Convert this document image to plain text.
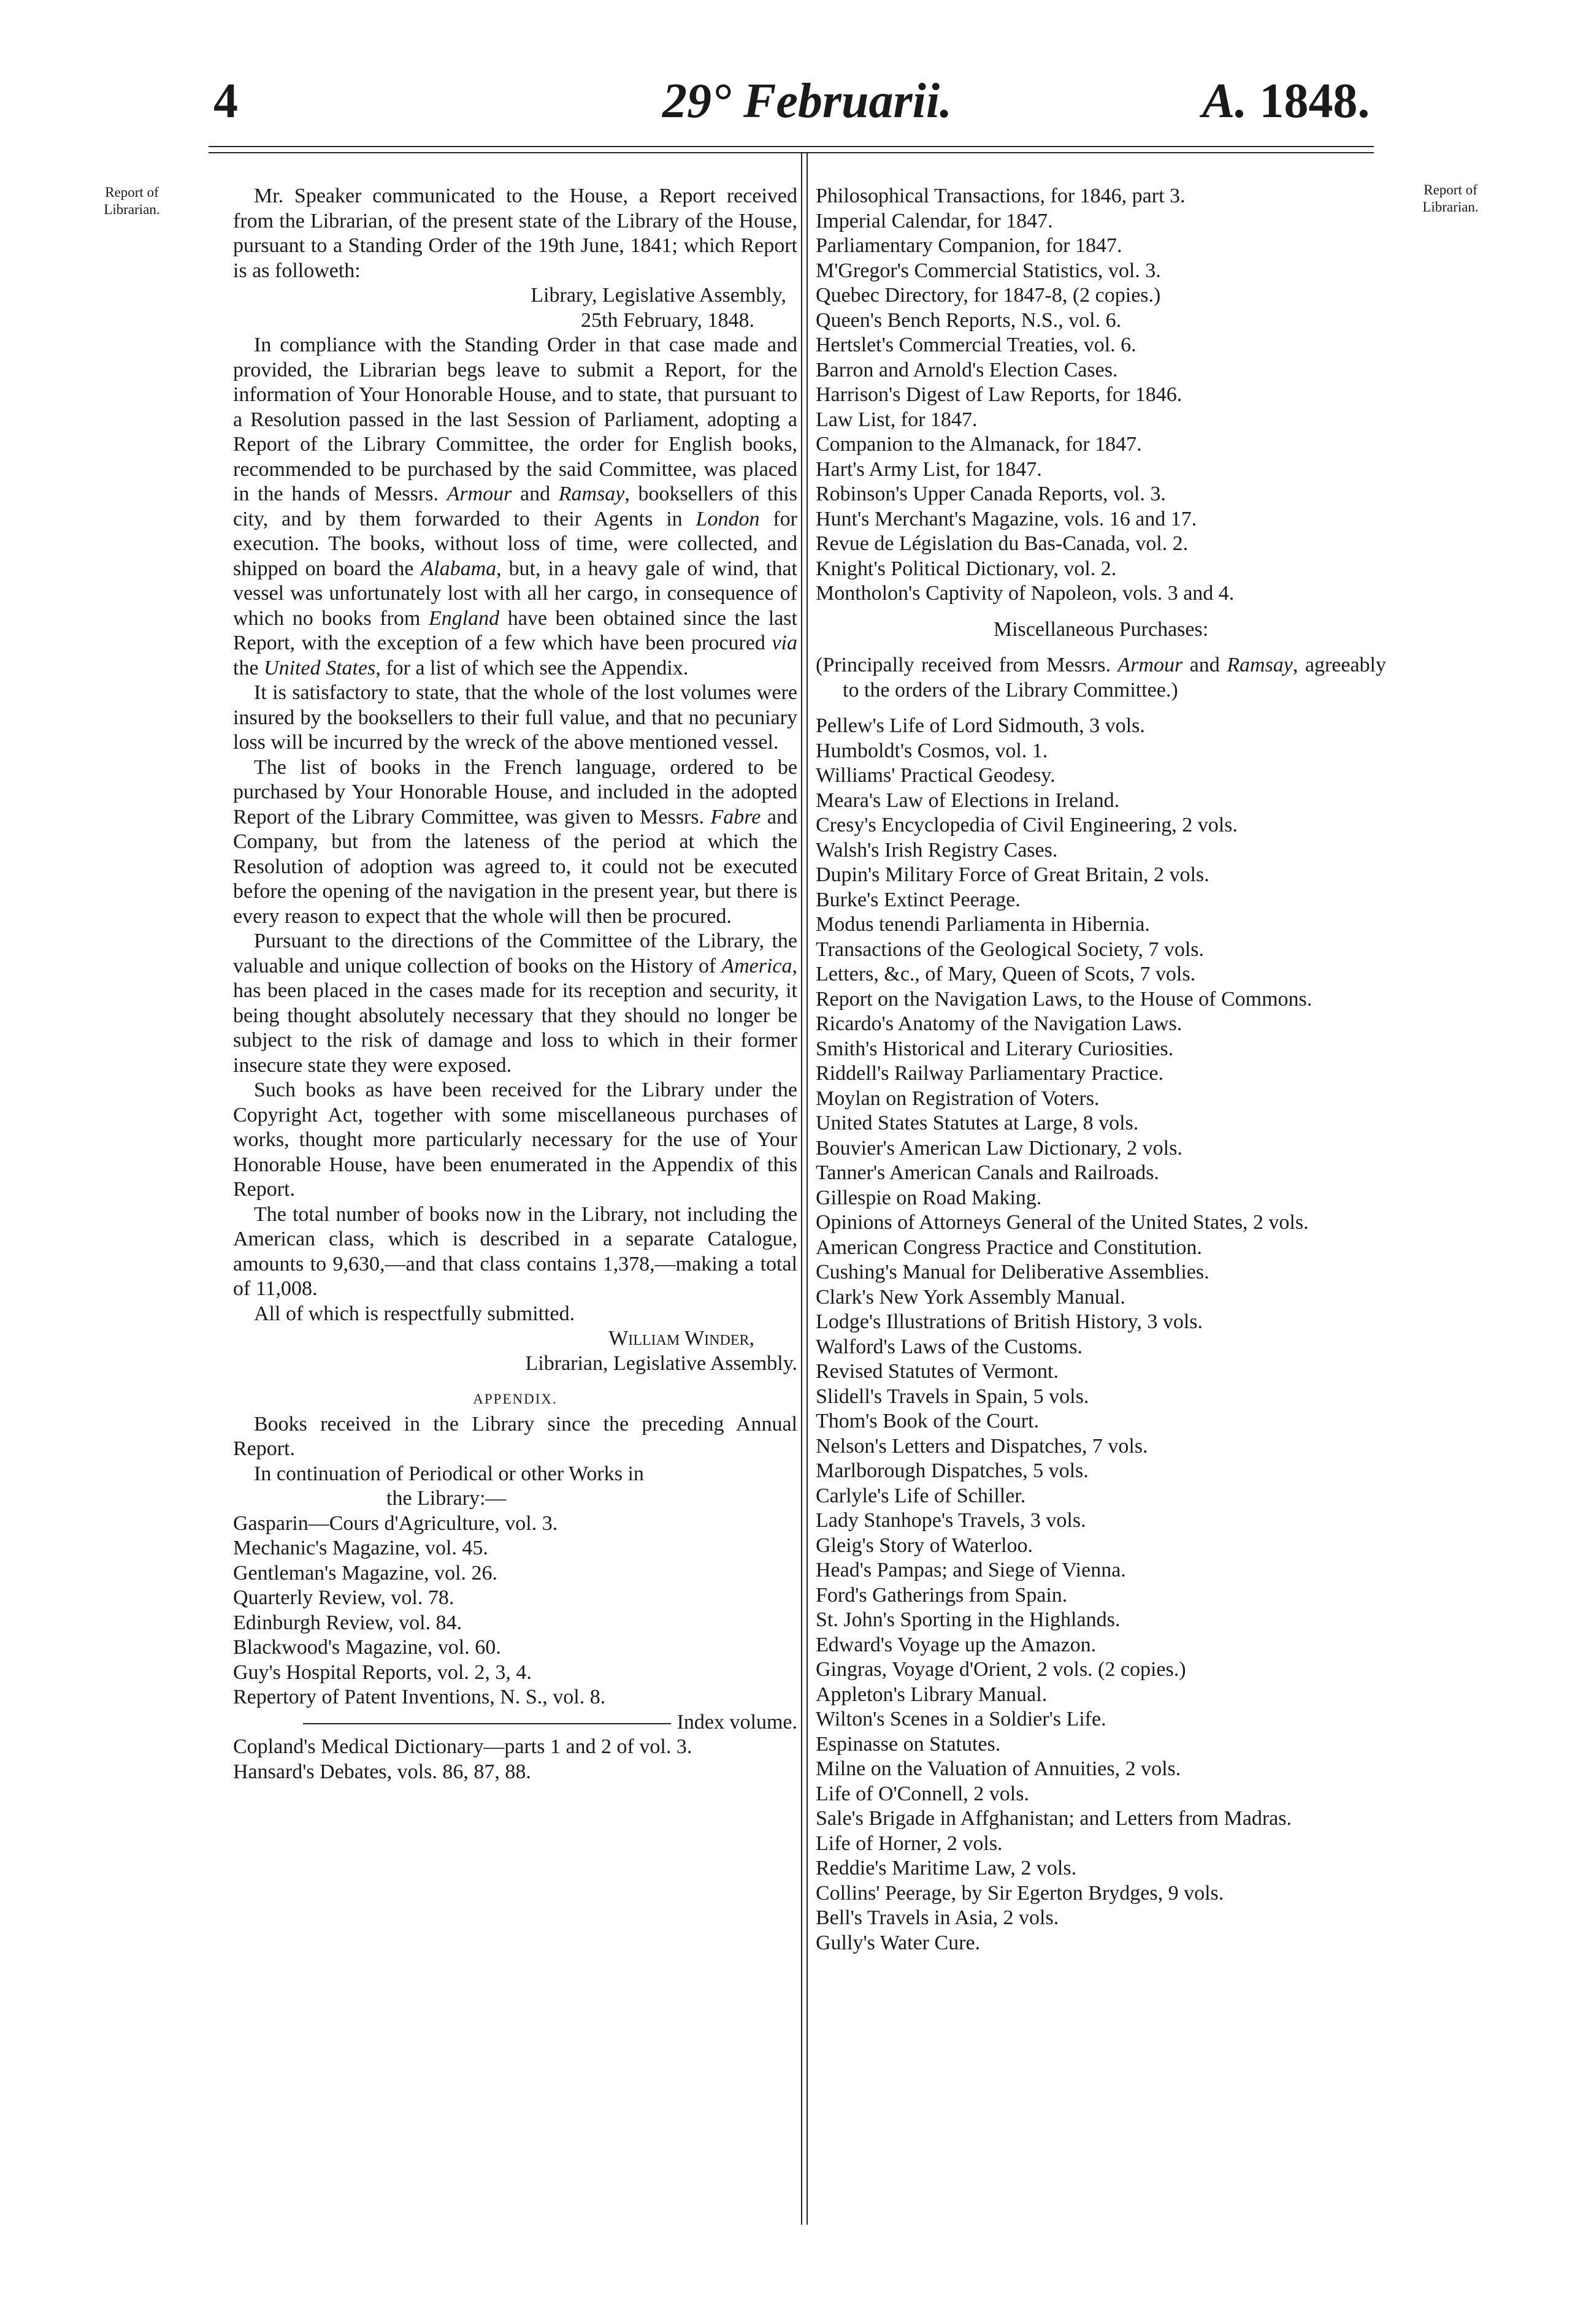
4	29° Februarii.	A. 1848.
Report of Librarian.
Report of Librarian.

Mr. Speaker communicated to the House, a Report received from the Librarian, of the present state of the Library of the House, pursuant to a Standing Order of the 19th June, 1841; which Report is as followeth:

Library, Legislative Assembly,

25th February, 1848.

In compliance with the Standing Order in that case made and provided, the Librarian begs leave to submit a Report, for the information of Your Honorable House, and to state, that pursuant to a Resolution passed in the last Session of Parliament, adopting a Report of the Library Committee, the order for English books, recommended to be purchased by the said Committee, was placed in the hands of Messrs. Armour and Ramsay, booksellers of this city, and by them forwarded to their Agents in London for execution. The books, without loss of time, were collected, and shipped on board the Alabama, but, in a heavy gale of wind, that vessel was unfortunately lost with all her cargo, in consequence of which no books from England have been obtained since the last Report, with the exception of a few which have been procured via the United States, for a list of which see the Appendix.

It is satisfactory to state, that the whole of the lost volumes were insured by the booksellers to their full value, and that no pecuniary loss will be incurred by the wreck of the above mentioned vessel.

The list of books in the French language, ordered to be purchased by Your Honorable House, and included in the adopted Report of the Library Committee, was given to Messrs. Fabre and Company, but from the lateness of the period at which the Resolution of adoption was agreed to, it could not be executed before the opening of the navigation in the present year, but there is every reason to expect that the whole will then be procured.

Pursuant to the directions of the Committee of the Library, the valuable and unique collection of books on the History of America, has been placed in the cases made for its reception and security, it being thought absolutely necessary that they should no longer be subject to the risk of damage and loss to which in their former insecure state they were exposed.

Such books as have been received for the Library under the Copyright Act, together with some miscellaneous purchases of works, thought more particularly necessary for the use of Your Honorable House, have been enumerated in the Appendix of this Report.

The total number of books now in the Library, not including the American class, which is described in a separate Catalogue, amounts to 9,630,—and that class contains 1,378,—making a total of 11,008.

All of which is respectfully submitted.

William Winder,

Librarian, Legislative Assembly.

APPENDIX.

Books received in the Library since the preceding Annual Report.

In continuation of Periodical or other Works in

the Library:—

Gasparin—Cours d'Agriculture, vol. 3.

Mechanic's Magazine, vol. 45.

Gentleman's Magazine, vol. 26.

Quarterly Review, vol. 78.

Edinburgh Review, vol. 84.

Blackwood's Magazine, vol. 60.

Guy's Hospital Reports, vol. 2, 3, 4.

Repertory of Patent Inventions, N. S., vol. 8.

Index volume.

Copland's Medical Dictionary—parts 1 and 2 of vol. 3.

Hansard's Debates, vols. 86, 87, 88.

Philosophical Transactions, for 1846, part 3.

Imperial Calendar, for 1847.

Parliamentary Companion, for 1847.

M'Gregor's Commercial Statistics, vol. 3.

Quebec Directory, for 1847-8, (2 copies.)

Queen's Bench Reports, N.S., vol. 6.

Hertslet's Commercial Treaties, vol. 6.

Barron and Arnold's Election Cases.

Harrison's Digest of Law Reports, for 1846.

Law List, for 1847.

Companion to the Almanack, for 1847.

Hart's Army List, for 1847.

Robinson's Upper Canada Reports, vol. 3.

Hunt's Merchant's Magazine, vols. 16 and 17.

Revue de Législation du Bas-Canada, vol. 2.

Knight's Political Dictionary, vol. 2.

Montholon's Captivity of Napoleon, vols. 3 and 4.

Miscellaneous Purchases:

(Principally received from Messrs. Armour and Ramsay, agreeably to the orders of the Library Committee.)

Pellew's Life of Lord Sidmouth, 3 vols.

Humboldt's Cosmos, vol. 1.

Williams' Practical Geodesy.

Meara's Law of Elections in Ireland.

Cresy's Encyclopedia of Civil Engineering, 2 vols.

Walsh's Irish Registry Cases.

Dupin's Military Force of Great Britain, 2 vols.

Burke's Extinct Peerage.

Modus tenendi Parliamenta in Hibernia.

Transactions of the Geological Society, 7 vols.

Letters, &c., of Mary, Queen of Scots, 7 vols.

Report on the Navigation Laws, to the House of Commons.

Ricardo's Anatomy of the Navigation Laws.

Smith's Historical and Literary Curiosities.

Riddell's Railway Parliamentary Practice.

Moylan on Registration of Voters.

United States Statutes at Large, 8 vols.

Bouvier's American Law Dictionary, 2 vols.

Tanner's American Canals and Railroads.

Gillespie on Road Making.

Opinions of Attorneys General of the United States, 2 vols.

American Congress Practice and Constitution.

Cushing's Manual for Deliberative Assemblies.

Clark's New York Assembly Manual.

Lodge's Illustrations of British History, 3 vols.

Walford's Laws of the Customs.

Revised Statutes of Vermont.

Slidell's Travels in Spain, 5 vols.

Thom's Book of the Court.

Nelson's Letters and Dispatches, 7 vols.

Marlborough Dispatches, 5 vols.

Carlyle's Life of Schiller.

Lady Stanhope's Travels, 3 vols.

Gleig's Story of Waterloo.

Head's Pampas; and Siege of Vienna.

Ford's Gatherings from Spain.

St. John's Sporting in the Highlands.

Edward's Voyage up the Amazon.

Gingras, Voyage d'Orient, 2 vols. (2 copies.)

Appleton's Library Manual.

Wilton's Scenes in a Soldier's Life.

Espinasse on Statutes.

Milne on the Valuation of Annuities, 2 vols.

Life of O'Connell, 2 vols.

Sale's Brigade in Affghanistan; and Letters from Madras.

Life of Horner, 2 vols.

Reddie's Maritime Law, 2 vols.

Collins' Peerage, by Sir Egerton Brydges, 9 vols.

Bell's Travels in Asia, 2 vols.

Gully's Water Cure.
